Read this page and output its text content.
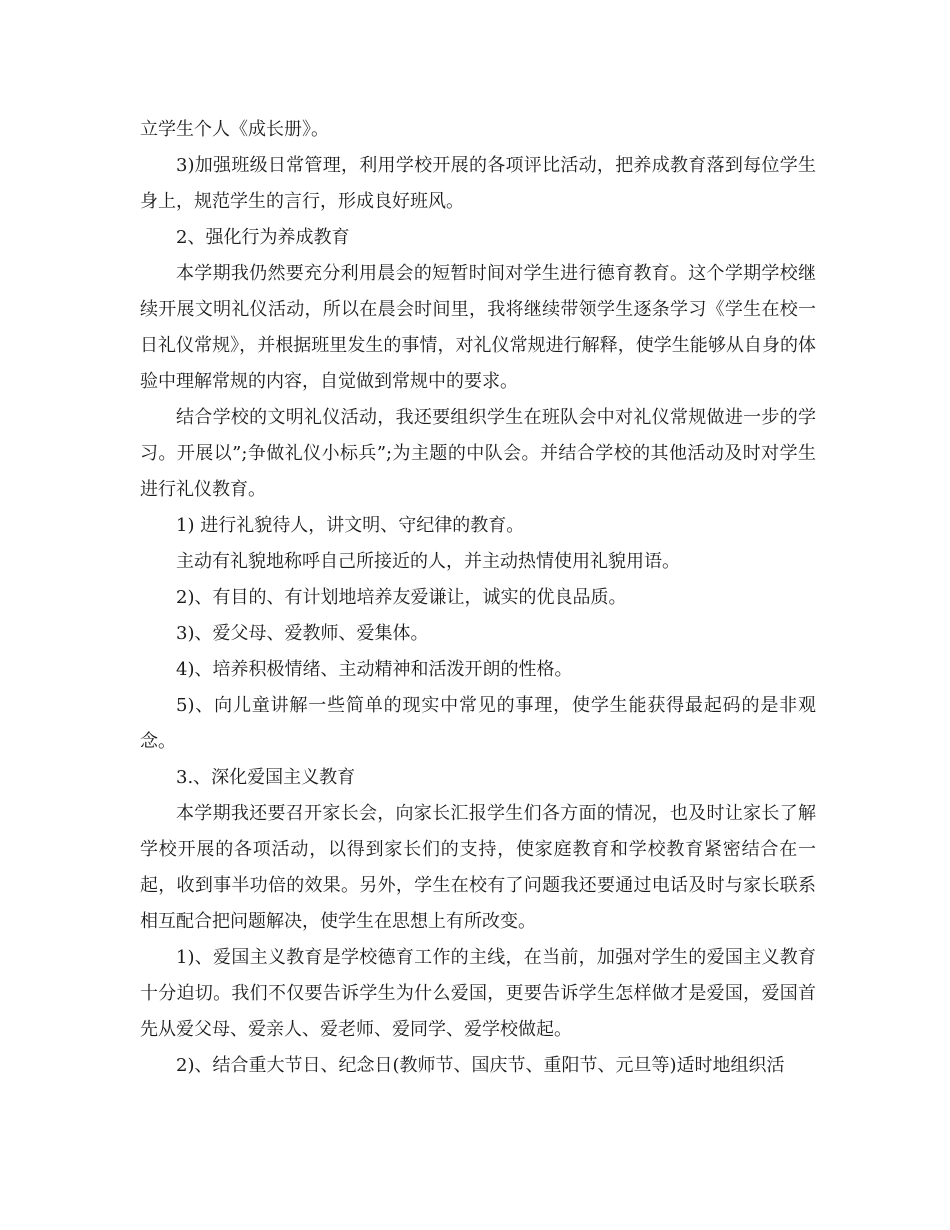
立学生个人《成长册》。

3)加强班级日常管理，利用学校开展的各项评比活动，把养成教育落到每位学生身上，规范学生的言行，形成良好班风。

2、强化行为养成教育

本学期我仍然要充分利用晨会的短暂时间对学生进行德育教育。这个学期学校继续开展文明礼仪活动，所以在晨会时间里，我将继续带领学生逐条学习《学生在校一日礼仪常规》，并根据班里发生的事情，对礼仪常规进行解释，使学生能够从自身的体验中理解常规的内容，自觉做到常规中的要求。

结合学校的文明礼仪活动，我还要组织学生在班队会中对礼仪常规做进一步的学习。开展以”;争做礼仪小标兵”;为主题的中队会。并结合学校的其他活动及时对学生进行礼仪教育。

1) 进行礼貌待人，讲文明、守纪律的教育。

主动有礼貌地称呼自己所接近的人，并主动热情使用礼貌用语。

2)、有目的、有计划地培养友爱谦让，诚实的优良品质。

3)、爱父母、爱教师、爱集体。

4)、培养积极情绪、主动精神和活泼开朗的性格。

5)、向儿童讲解一些简单的现实中常见的事理，使学生能获得最起码的是非观念。

3.、深化爱国主义教育

本学期我还要召开家长会，向家长汇报学生们各方面的情况，也及时让家长了解学校开展的各项活动，以得到家长们的支持，使家庭教育和学校教育紧密结合在一起，收到事半功倍的效果。另外，学生在校有了问题我还要通过电话及时与家长联系相互配合把问题解决，使学生在思想上有所改变。

1)、爱国主义教育是学校德育工作的主线，在当前，加强对学生的爱国主义教育十分迫切。我们不仅要告诉学生为什么爱国，更要告诉学生怎样做才是爱国，爱国首先从爱父母、爱亲人、爱老师、爱同学、爱学校做起。

2)、结合重大节日、纪念日(教师节、国庆节、重阳节、元旦等)适时地组织活
